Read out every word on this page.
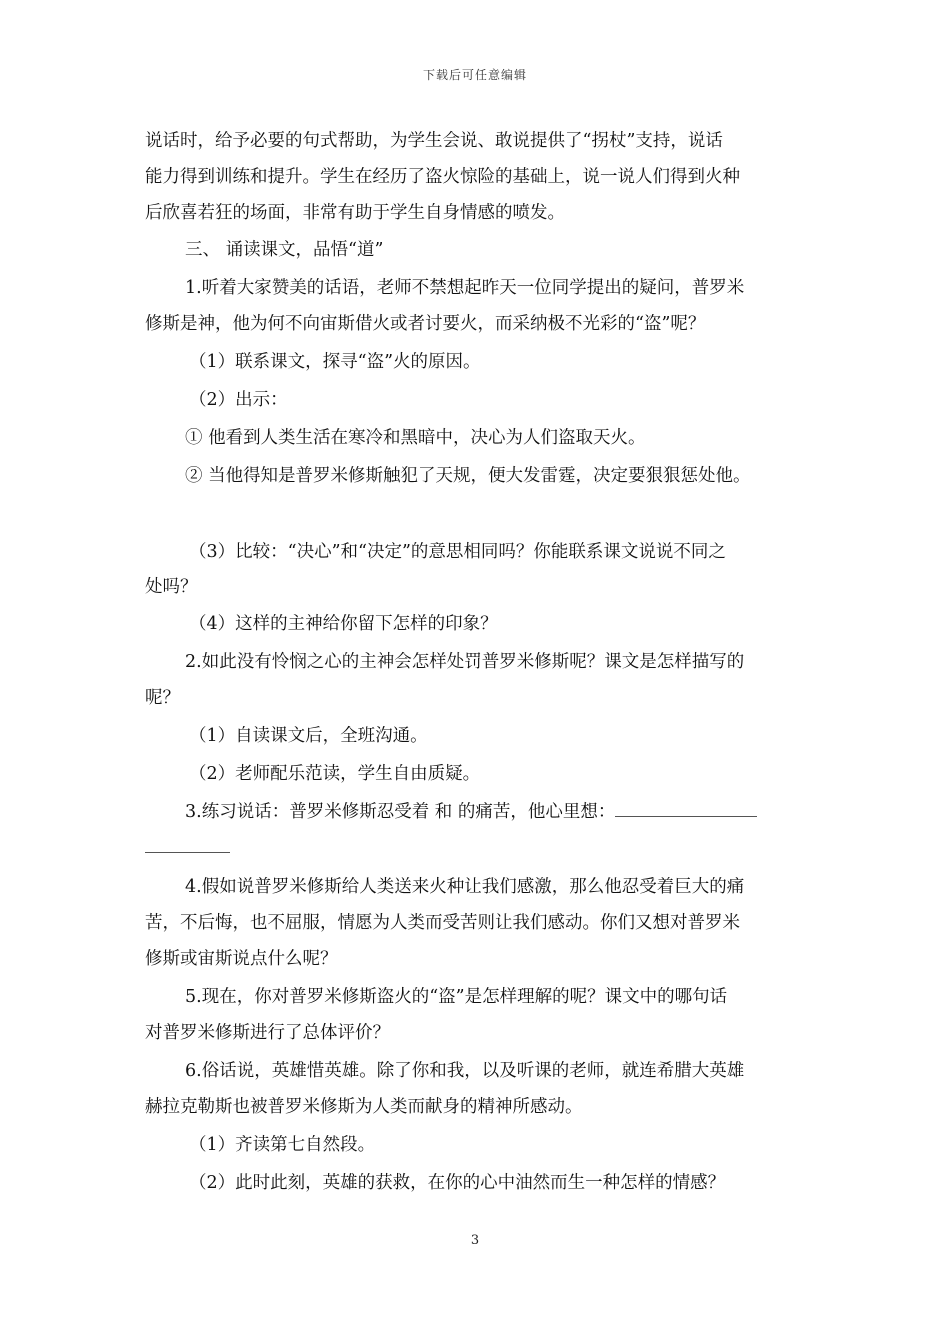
下载后可任意编辑
说话时，给予必要的句式帮助，为学生会说、敢说提供了“拐杖”支持，说话
能力得到训练和提升。学生在经历了盗火惊险的基础上，说一说人们得到火种
后欣喜若狂的场面，非常有助于学生自身情感的喷发。
三、 诵读课文，品悟“道”
1.听着大家赞美的话语，老师不禁想起昨天一位同学提出的疑问，普罗米
修斯是神，他为何不向宙斯借火或者讨要火，而采纳极不光彩的“盗”呢？
（1）联系课文，探寻“盗”火的原因。
（2）出示：
① 他看到人类生活在寒冷和黑暗中，决心为人们盗取天火。
② 当他得知是普罗米修斯触犯了天规，便大发雷霆，决定要狠狠惩处他。
（3）比较：“决心”和“决定”的意思相同吗？你能联系课文说说不同之
处吗？
（4）这样的主神给你留下怎样的印象？
2.如此没有怜悯之心的主神会怎样处罚普罗米修斯呢？课文是怎样描写的
呢？
（1）自读课文后，全班沟通。
（2）老师配乐范读，学生自由质疑。
3.练习说话：普罗米修斯忍受着 和 的痛苦，他心里想：
4.假如说普罗米修斯给人类送来火种让我们感激，那么他忍受着巨大的痛
苦，不后悔，也不屈服，情愿为人类而受苦则让我们感动。你们又想对普罗米
修斯或宙斯说点什么呢？
5.现在，你对普罗米修斯盗火的“盗”是怎样理解的呢？课文中的哪句话
对普罗米修斯进行了总体评价？
6.俗话说，英雄惜英雄。除了你和我，以及听课的老师，就连希腊大英雄
赫拉克勒斯也被普罗米修斯为人类而献身的精神所感动。
（1）齐读第七自然段。
（2）此时此刻，英雄的获救，在你的心中油然而生一种怎样的情感？
3
